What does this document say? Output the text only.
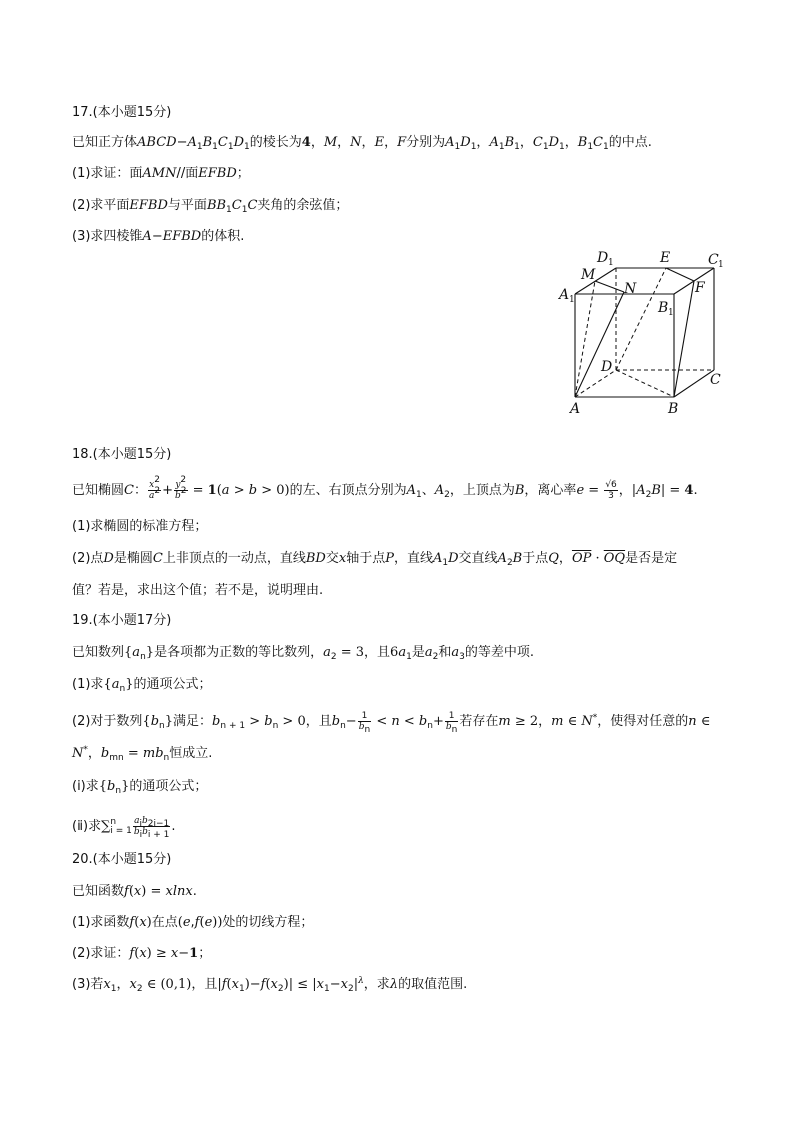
17.(本小题15分)
已知正方体$ABCD-A_1B_1C_1D_1$的棱长为4，M，N，E，F分别为$A_1D_1$，$A_1B_1$，$C_1D_1$，$B_1C_1$的中点.
(1)求证：面AMN//面EFBD；
(2)求平面EFBD与平面$BB_1C_1C$夹角的余弦值；
(3)求四棱锥A−EFBD的体积.
D 1	E	C 1
M
F
A 1
N
B 1
D
C
A	B
18.(本小题15分)
已知椭圆C： $\frac{x^2}{a^2} + \frac{y^2}{b^2} = 1(a > b > 0)$的左、右顶点分别为$A_1$、$A_2$，上顶点为B，离心率$e = \frac{√6}{3}$ ，$|A_2B| = 4$.
(1)求椭圆的标准方程；
(2)点D是椭圆C上非顶点的一动点，直线BD交x轴于点P，直线$A_1D$交直线$A_2B$于点Q，$\overline{OP} \cdot \overline{OQ}$是否是定
值？若是，求出这个值；若不是，说明理由.
19.(本小题17分)
已知数列$\{a_n\}$是各项都为正数的等比数列，$a_2 = 3$，且$6a_1$是$a_2$和$a_3$的等差中项.
(1)求$\{a_n\}$的通项公式；
(2)对于数列$\{b_n\}$满足：$b_{n + 1} > b_n > 0$，且$b_n- \frac{1}{b_n} < n < b_n+ \frac{1}{b_n}$ 若存在m ≥ 2，m ∈ N*，使得对任意的n ∈
N*，$b_{mn} = mb_n$恒成立.
(ⅰ)求$\{b_n\}$的通项公式；
(ⅱ)求∑ n
$i = 1 \frac{a_ib_{2i-1}}{b_ib_{i + 1}}$ .
20.(本小题15分)
已知函数f(x) = xlnx.
(1)求函数f(x)在点(e,f(e))处的切线方程；
(2)求证：f(x) ≥ x−1；
(3)若$x_1$，$x_2$ ∈ (0,1)，且$|f(x_1)-f(x_2)| \le |x_1-x_2|^\lambda$，求λ的取值范围.
